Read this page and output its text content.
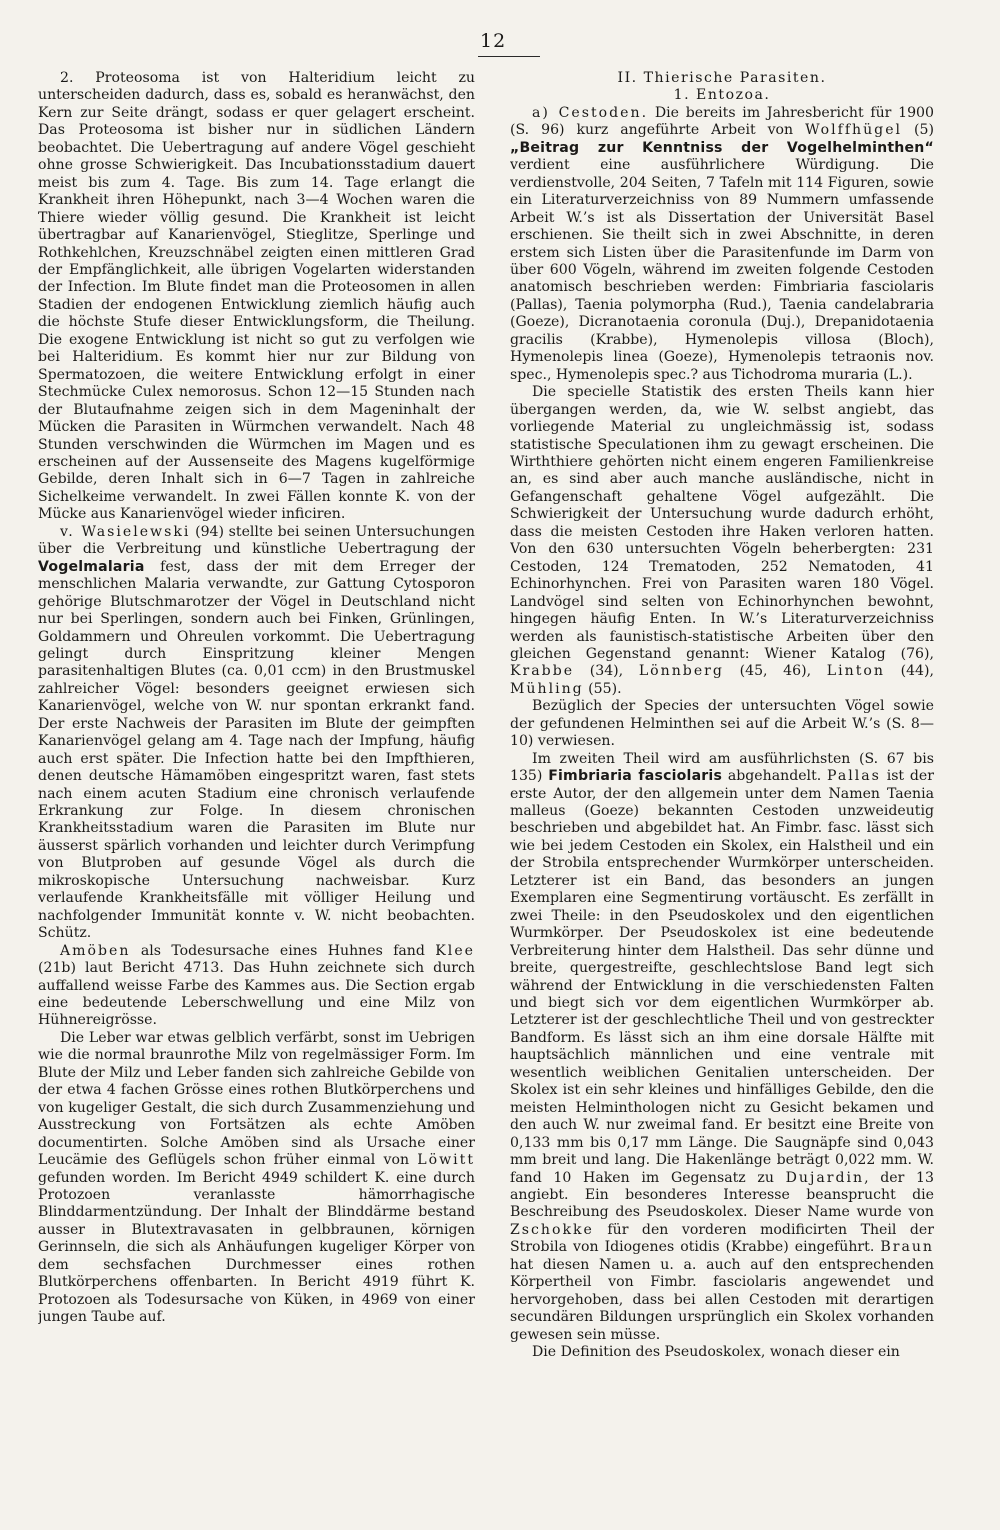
12

2. Proteosoma ist von Halteridium leicht zu unterscheiden dadurch, dass es, sobald es heranwächst, den Kern zur Seite drängt, sodass er quer gelagert erscheint. Das Proteosoma ist bisher nur in südlichen Ländern beobachtet. Die Uebertragung auf andere Vögel geschieht ohne grosse Schwierigkeit. Das Incubationsstadium dauert meist bis zum 4. Tage. Bis zum 14. Tage erlangt die Krankheit ihren Höhepunkt, nach 3—4 Wochen waren die Thiere wieder völlig gesund. Die Krankheit ist leicht übertragbar auf Kanarienvögel, Stieglitze, Sperlinge und Rothkehlchen, Kreuzschnäbel zeigten einen mittleren Grad der Empfänglichkeit, alle übrigen Vogelarten widerstanden der Infection. Im Blute findet man die Proteosomen in allen Stadien der endogenen Entwicklung ziemlich häufig auch die höchste Stufe dieser Entwicklungsform, die Theilung. Die exogene Entwicklung ist nicht so gut zu verfolgen wie bei Halteridium. Es kommt hier nur zur Bildung von Spermatozoen, die weitere Entwicklung erfolgt in einer Stechmücke Culex nemorosus. Schon 12—15 Stunden nach der Blutaufnahme zeigen sich in dem Mageninhalt der Mücken die Parasiten in Würmchen verwandelt. Nach 48 Stunden verschwinden die Würmchen im Magen und es erscheinen auf der Aussenseite des Magens kugelförmige Gebilde, deren Inhalt sich in 6—7 Tagen in zahlreiche Sichelkeime verwandelt. In zwei Fällen konnte K. von der Mücke aus Kanarienvögel wieder inficiren.

v. Wasielewski (94) stellte bei seinen Untersuchungen über die Verbreitung und künstliche Uebertragung der Vogelmalaria fest, dass der mit dem Erreger der menschlichen Malaria verwandte, zur Gattung Cytosporon gehörige Blutschmarotzer der Vögel in Deutschland nicht nur bei Sperlingen, sondern auch bei Finken, Grünlingen, Goldammern und Ohreulen vorkommt. Die Uebertragung gelingt durch Einspritzung kleiner Mengen parasitenhaltigen Blutes (ca. 0,01 ccm) in den Brustmuskel zahlreicher Vögel: besonders geeignet erwiesen sich Kanarienvögel, welche von W. nur spontan erkrankt fand. Der erste Nachweis der Parasiten im Blute der geimpften Kanarienvögel gelang am 4. Tage nach der Impfung, häufig auch erst später. Die Infection hatte bei den Impfthieren, denen deutsche Hämamöben eingespritzt waren, fast stets nach einem acuten Stadium eine chronisch verlaufende Erkrankung zur Folge. In diesem chronischen Krankheitsstadium waren die Parasiten im Blute nur äusserst spärlich vorhanden und leichter durch Verimpfung von Blutproben auf gesunde Vögel als durch die mikroskopische Untersuchung nachweisbar. Kurz verlaufende Krankheitsfälle mit völliger Heilung und nachfolgender Immunität konnte v. W. nicht beobachten. Schütz.

Amöben als Todesursache eines Huhnes fand Klee (21b) laut Bericht 4713. Das Huhn zeichnete sich durch auffallend weisse Farbe des Kammes aus. Die Section ergab eine bedeutende Leberschwellung und eine Milz von Hühnereigrösse.

Die Leber war etwas gelblich verfärbt, sonst im Uebrigen wie die normal braunrothe Milz von regelmässiger Form. Im Blute der Milz und Leber fanden sich zahlreiche Gebilde von der etwa 4 fachen Grösse eines rothen Blutkörperchens und von kugeliger Gestalt, die sich durch Zusammenziehung und Ausstreckung von Fortsätzen als echte Amöben documentirten. Solche Amöben sind als Ursache einer Leucämie des Geflügels schon früher einmal von Löwitt gefunden worden. Im Bericht 4949 schildert K. eine durch Protozoen veranlasste hämorrhagische Blinddarmentzündung. Der Inhalt der Blinddärme bestand ausser in Blutextravasaten in gelbbraunen, körnigen Gerinnseln, die sich als Anhäufungen kugeliger Körper von dem sechsfachen Durchmesser eines rothen Blutkörperchens offenbarten. In Bericht 4919 führt K. Protozoen als Todesursache von Küken, in 4969 von einer jungen Taube auf.

II. Thierische Parasiten.

1. Entozoa.

a) Cestoden. Die bereits im Jahresbericht für 1900 (S. 96) kurz angeführte Arbeit von Wolffhügel (5) „Beitrag zur Kenntniss der Vogelhelminthen“ verdient eine ausführlichere Würdigung. Die verdienstvolle, 204 Seiten, 7 Tafeln mit 114 Figuren, sowie ein Literaturverzeichniss von 89 Nummern umfassende Arbeit W.’s ist als Dissertation der Universität Basel erschienen. Sie theilt sich in zwei Abschnitte, in deren erstem sich Listen über die Parasitenfunde im Darm von über 600 Vögeln, während im zweiten folgende Cestoden anatomisch beschrieben werden: Fimbriaria fasciolaris (Pallas), Taenia polymorpha (Rud.), Taenia candelabraria (Goeze), Dicranotaenia coronula (Duj.), Drepanidotaenia gracilis (Krabbe), Hymenolepis villosa (Bloch), Hymenolepis linea (Goeze), Hymenolepis tetraonis nov. spec., Hymenolepis spec.? aus Tichodroma muraria (L.).

Die specielle Statistik des ersten Theils kann hier übergangen werden, da, wie W. selbst angiebt, das vorliegende Material zu ungleichmässig ist, sodass statistische Speculationen ihm zu gewagt erscheinen. Die Wirththiere gehörten nicht einem engeren Familienkreise an, es sind aber auch manche ausländische, nicht in Gefangenschaft gehaltene Vögel aufgezählt. Die Schwierigkeit der Untersuchung wurde dadurch erhöht, dass die meisten Cestoden ihre Haken verloren hatten. Von den 630 untersuchten Vögeln beherbergten: 231 Cestoden, 124 Trematoden, 252 Nematoden, 41 Echinorhynchen. Frei von Parasiten waren 180 Vögel. Landvögel sind selten von Echinorhynchen bewohnt, hingegen häufig Enten. In W.’s Literaturverzeichniss werden als faunistisch-statistische Arbeiten über den gleichen Gegenstand genannt: Wiener Katalog (76), Krabbe (34), Lönnberg (45, 46), Linton (44), Mühling (55).

Bezüglich der Species der untersuchten Vögel sowie der gefundenen Helminthen sei auf die Arbeit W.’s (S. 8—10) verwiesen.

Im zweiten Theil wird am ausführlichsten (S. 67 bis 135) Fimbriaria fasciolaris abgehandelt. Pallas ist der erste Autor, der den allgemein unter dem Namen Taenia malleus (Goeze) bekannten Cestoden unzweideutig beschrieben und abgebildet hat. An Fimbr. fasc. lässt sich wie bei jedem Cestoden ein Skolex, ein Halstheil und ein der Strobila entsprechender Wurmkörper unterscheiden. Letzterer ist ein Band, das besonders an jungen Exemplaren eine Segmentirung vortäuscht. Es zerfällt in zwei Theile: in den Pseudoskolex und den eigentlichen Wurmkörper. Der Pseudoskolex ist eine bedeutende Verbreiterung hinter dem Halstheil. Das sehr dünne und breite, quergestreifte, geschlechtslose Band legt sich während der Entwicklung in die verschiedensten Falten und biegt sich vor dem eigentlichen Wurmkörper ab. Letzterer ist der geschlechtliche Theil und von gestreckter Bandform. Es lässt sich an ihm eine dorsale Hälfte mit hauptsächlich männlichen und eine ventrale mit wesentlich weiblichen Genitalien unterscheiden. Der Skolex ist ein sehr kleines und hinfälliges Gebilde, den die meisten Helminthologen nicht zu Gesicht bekamen und den auch W. nur zweimal fand. Er besitzt eine Breite von 0,133 mm bis 0,17 mm Länge. Die Saugnäpfe sind 0,043 mm breit und lang. Die Hakenlänge beträgt 0,022 mm. W. fand 10 Haken im Gegensatz zu Dujardin, der 13 angiebt. Ein besonderes Interesse beansprucht die Beschreibung des Pseudoskolex. Dieser Name wurde von Zschokke für den vorderen modificirten Theil der Strobila von Idiogenes otidis (Krabbe) eingeführt. Braun hat diesen Namen u. a. auch auf den entsprechenden Körpertheil von Fimbr. fasciolaris angewendet und hervorgehoben, dass bei allen Cestoden mit derartigen secundären Bildungen ursprünglich ein Skolex vorhanden gewesen sein müsse.

Die Definition des Pseudoskolex, wonach dieser ein
